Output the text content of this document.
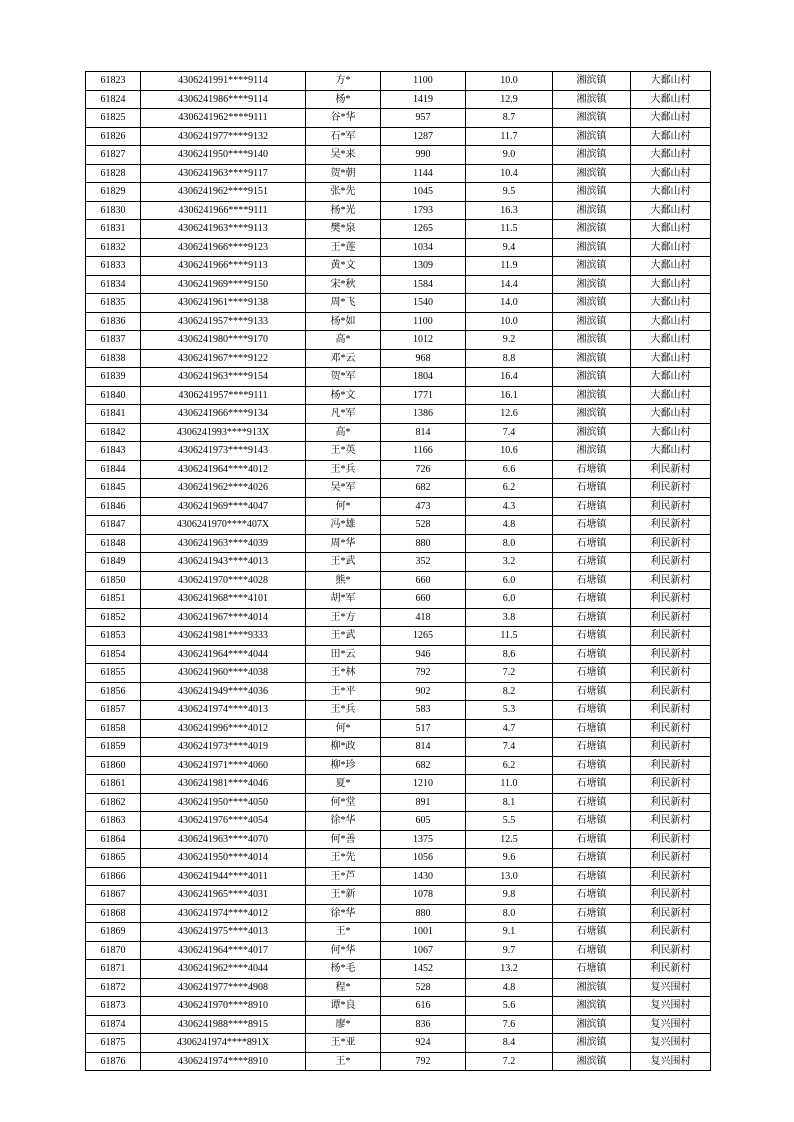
61823	4306241991****9114	方*	1100	10.0	湘滨镇	大鄱山村
61824	4306241986****9114	杨*	1419	12.9	湘滨镇	大鄱山村
61825	4306241962****9111	谷*华	957	8.7	湘滨镇	大鄱山村
61826	4306241977****9132	石*军	1287	11.7	湘滨镇	大鄱山村
61827	4306241950****9140	吴*来	990	9.0	湘滨镇	大鄱山村
61828	4306241963****9117	贺*朝	1144	10.4	湘滨镇	大鄱山村
61829	4306241962****9151	张*先	1045	9.5	湘滨镇	大鄱山村
61830	4306241966****9111	杨*光	1793	16.3	湘滨镇	大鄱山村
61831	4306241963****9113	樊*泉	1265	11.5	湘滨镇	大鄱山村
61832	4306241966****9123	王*莲	1034	9.4	湘滨镇	大鄱山村
61833	4306241966****9113	黄*文	1309	11.9	湘滨镇	大鄱山村
61834	4306241969****9150	宋*秋	1584	14.4	湘滨镇	大鄱山村
61835	4306241961****9138	周*飞	1540	14.0	湘滨镇	大鄱山村
61836	4306241957****9133	杨*如	1100	10.0	湘滨镇	大鄱山村
61837	4306241980****9170	高*	1012	9.2	湘滨镇	大鄱山村
61838	4306241967****9122	邓*云	968	8.8	湘滨镇	大鄱山村
61839	4306241963****9154	贺*军	1804	16.4	湘滨镇	大鄱山村
61840	4306241957****9111	杨*文	1771	16.1	湘滨镇	大鄱山村
61841	4306241966****9134	凡*军	1386	12.6	湘滨镇	大鄱山村
61842	4306241993****913X	高*	814	7.4	湘滨镇	大鄱山村
61843	4306241973****9143	王*英	1166	10.6	湘滨镇	大鄱山村
61844	4306241964****4012	王*兵	726	6.6	石塘镇	利民新村
61845	4306241962****4026	吴*军	682	6.2	石塘镇	利民新村
61846	4306241969****4047	何*	473	4.3	石塘镇	利民新村
61847	4306241970****407X	冯*雄	528	4.8	石塘镇	利民新村
61848	4306241963****4039	周*华	880	8.0	石塘镇	利民新村
61849	4306241943****4013	王*武	352	3.2	石塘镇	利民新村
61850	4306241970****4028	熊*	660	6.0	石塘镇	利民新村
61851	4306241968****4101	胡*军	660	6.0	石塘镇	利民新村
61852	4306241967****4014	王*方	418	3.8	石塘镇	利民新村
61853	4306241981****9333	王*武	1265	11.5	石塘镇	利民新村
61854	4306241964****4044	田*云	946	8.6	石塘镇	利民新村
61855	4306241960****4038	王*林	792	7.2	石塘镇	利民新村
61856	4306241949****4036	王*平	902	8.2	石塘镇	利民新村
61857	4306241974****4013	王*兵	583	5.3	石塘镇	利民新村
61858	4306241996****4012	何*	517	4.7	石塘镇	利民新村
61859	4306241973****4019	柳*政	814	7.4	石塘镇	利民新村
61860	4306241971****4060	柳*珍	682	6.2	石塘镇	利民新村
61861	4306241981****4046	夏*	1210	11.0	石塘镇	利民新村
61862	4306241950****4050	何*堂	891	8.1	石塘镇	利民新村
61863	4306241976****4054	徐*华	605	5.5	石塘镇	利民新村
61864	4306241963****4070	何*善	1375	12.5	石塘镇	利民新村
61865	4306241950****4014	王*先	1056	9.6	石塘镇	利民新村
61866	4306241944****4011	王*芦	1430	13.0	石塘镇	利民新村
61867	4306241965****4031	王*新	1078	9.8	石塘镇	利民新村
61868	4306241974****4012	徐*华	880	8.0	石塘镇	利民新村
61869	4306241975****4013	王*	1001	9.1	石塘镇	利民新村
61870	4306241964****4017	何*华	1067	9.7	石塘镇	利民新村
61871	4306241962****4044	杨*毛	1452	13.2	石塘镇	利民新村
61872	4306241977****4908	程*	528	4.8	湘滨镇	复兴围村
61873	4306241970****8910	谭*良	616	5.6	湘滨镇	复兴围村
61874	4306241988****8915	廖*	836	7.6	湘滨镇	复兴围村
61875	4306241974****891X	王*亚	924	8.4	湘滨镇	复兴围村
61876	4306241974****8910	王*	792	7.2	湘滨镇	复兴围村
